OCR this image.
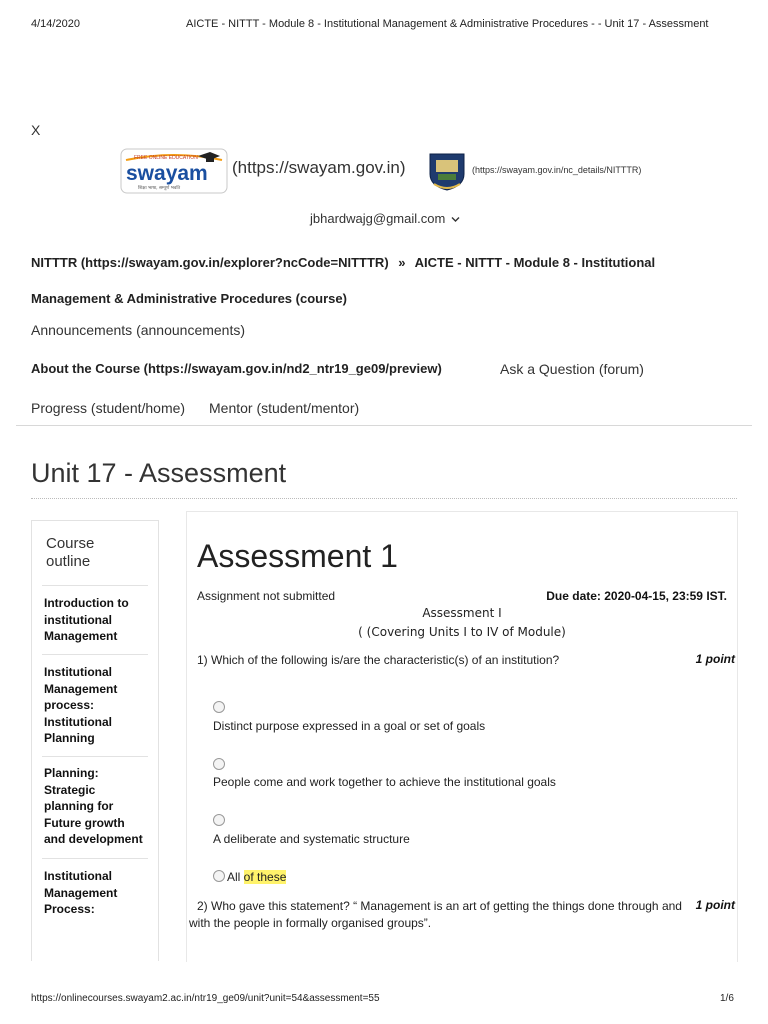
4/14/2020	AICTE - NITTT - Module 8 - Institutional Management & Administrative Procedures - - Unit 17 - Assessment
X
FREE ONLINE EDUCATION
swayam
शिक्षा भाषा, सम्पूर्ण भवति
(https://swayam.gov.in)	(https://swayam.gov.in/nc_details/NITTTR)
jbhardwajg@gmail.com
NITTTR (https://swayam.gov.in/explorer?ncCode=NITTTR) » AICTE - NITTT - Module 8 - Institutional Management & Administrative Procedures (course)
Announcements (announcements)
About the Course (https://swayam.gov.in/nd2_ntr19_ge09/preview)	Ask a Question (forum)
Progress (student/home) Mentor (student/mentor)
Unit 17 - Assessment
Course outline
Introduction to institutional Management
Institutional Management process: Institutional Planning
Planning: Strategic planning for Future growth and development
Institutional Management Process:
Assessment 1
Assignment not submitted	Due date: 2020-04-15, 23:59 IST.
Assessment I
( (Covering Units I to IV of Module)
1) Which of the following is/are the characteristic(s) of an institution?	1 point
Distinct purpose expressed in a goal or set of goals
People come and work together to achieve the institutional goals
A deliberate and systematic structure
All of these
2) Who gave this statement? “ Management is an art of getting the things done through and
with the people in formally organised groups”.
1 point
https://onlinecourses.swayam2.ac.in/ntr19_ge09/unit?unit=54&assessment=55	1/6
